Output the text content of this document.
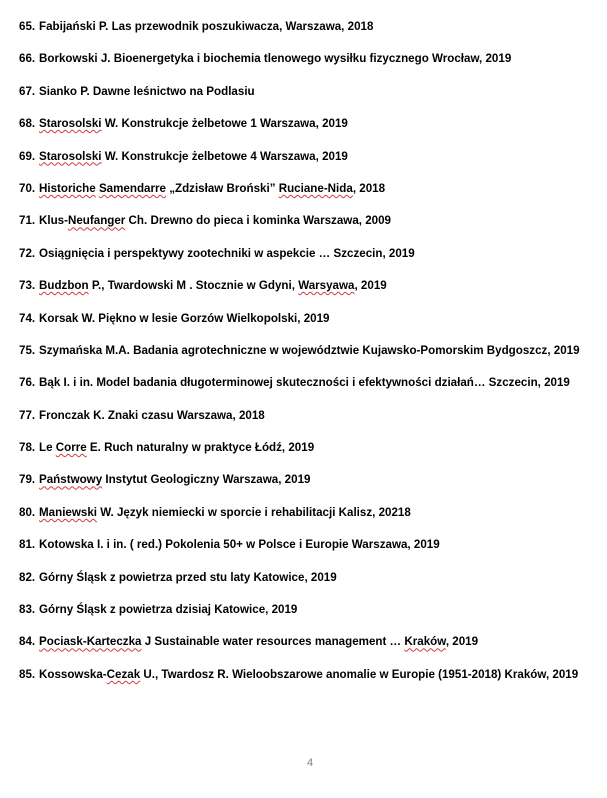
65. Fabijański P. Las przewodnik poszukiwacza, Warszawa, 2018
66. Borkowski J. Bioenergetyka i biochemia tlenowego wysiłku fizycznego Wrocław, 2019
67. Sianko P. Dawne leśnictwo na Podlasiu
68. Starosolski W. Konstrukcje żelbetowe 1 Warszawa, 2019
69. Starosolski W. Konstrukcje żelbetowe 4 Warszawa, 2019
70. Historiche Samendarre „Zdzisław Broński” Ruciane-Nida, 2018
71. Klus-Neufanger Ch. Drewno do pieca i kominka Warszawa, 2009
72. Osiągnięcia i perspektywy zootechniki w aspekcie … Szczecin, 2019
73. Budzbon P., Twardowski M . Stocznie w Gdyni, Warsyawa, 2019
74. Korsak W. Piękno w lesie Gorzów Wielkopolski, 2019
75. Szymańska M.A. Badania agrotechniczne w województwie Kujawsko-Pomorskim Bydgoszcz, 2019
76. Bąk I. i in. Model badania długoterminowej skuteczności i efektywności działań… Szczecin, 2019
77. Fronczak K. Znaki czasu Warszawa, 2018
78. Le Corre E. Ruch naturalny w praktyce Łódź, 2019
79. Państwowy Instytut Geologiczny Warszawa, 2019
80. Maniewski W. Język niemiecki w sporcie i rehabilitacji Kalisz, 20218
81. Kotowska I. i in. ( red.) Pokolenia 50+ w Polsce i Europie Warszawa, 2019
82. Górny Śląsk z powietrza przed stu laty Katowice, 2019
83. Górny Śląsk z powietrza dzisiaj Katowice, 2019
84. Pociask-Karteczka J Sustainable water resources management … Kraków, 2019
85. Kossowska-Cezak U., Twardosz R. Wieloobszarowe anomalie w Europie (1951-2018) Kraków, 2019
4
